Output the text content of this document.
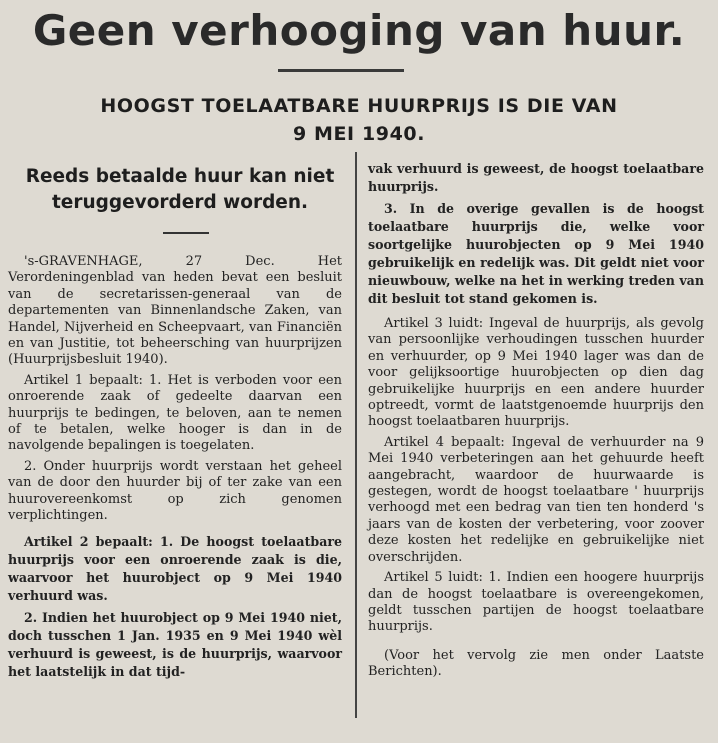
Geen verhooging van huur.
HOOGST TOELAATBARE HUURPRIJS IS DIE VAN
9 MEI 1940.
Reeds betaalde huur kan niet
teruggevorderd worden.

's-GRAVENHAGE, 27 Dec. Het Verordeningenblad van heden bevat een besluit van de secretarissen-generaal van de departementen van Binnenlandsche Zaken, van Handel, Nijverheid en Scheepvaart, van Financiën en van Justitie, tot beheersching van huurprijzen (Huurprijsbesluit 1940).

Artikel 1 bepaalt: 1. Het is verboden voor een onroerende zaak of gedeelte daarvan een huurprijs te bedingen, te beloven, aan te nemen of te betalen, welke hooger is dan in de navolgende bepalingen is toegelaten.

2. Onder huurprijs wordt verstaan het geheel van de door den huurder bij of ter zake van een huurovereenkomst op zich genomen verplichtingen.

Artikel 2 bepaalt: 1. De hoogst toelaatbare huurprijs voor een onroerende zaak is die, waarvoor het huurobject op 9 Mei 1940 verhuurd was.

2. Indien het huurobject op 9 Mei 1940 niet, doch tusschen 1 Jan. 1935 en 9 Mei 1940 wèl verhuurd is geweest, is de huurprijs, waarvoor het laatstelijk in dat tijd-

vak verhuurd is geweest, de hoogst toelaatbare huurprijs.

3. In de overige gevallen is de hoogst toelaatbare huurprijs die, welke voor soortgelijke huurobjecten op 9 Mei 1940 gebruikelijk en redelijk was. Dit geldt niet voor nieuwbouw, welke na het in werking treden van dit besluit tot stand gekomen is.

Artikel 3 luidt: Ingeval de huurprijs, als gevolg van persoonlijke verhoudingen tusschen huurder en verhuurder, op 9 Mei 1940 lager was dan de voor gelijksoortige huurobjecten op dien dag gebruikelijke huurprijs en een andere huurder optreedt, vormt de laatstgenoemde huurprijs den hoogst toelaatbaren huurprijs.

Artikel 4 bepaalt: Ingeval de verhuurder na 9 Mei 1940 verbeteringen aan het gehuurde heeft aangebracht, waardoor de huurwaarde is gestegen, wordt de hoogst toelaatbare ' huurprijs verhoogd met een bedrag van tien ten honderd 's jaars van de kosten der verbetering, voor zoover deze kosten het redelijke en gebruikelijke niet overschrijden.

Artikel 5 luidt: 1. Indien een hoogere huurprijs dan de hoogst toelaatbare is overeengekomen, geldt tusschen partijen de hoogst toelaatbare huurprijs.

(Voor het vervolg zie men onder Laatste Berichten).
